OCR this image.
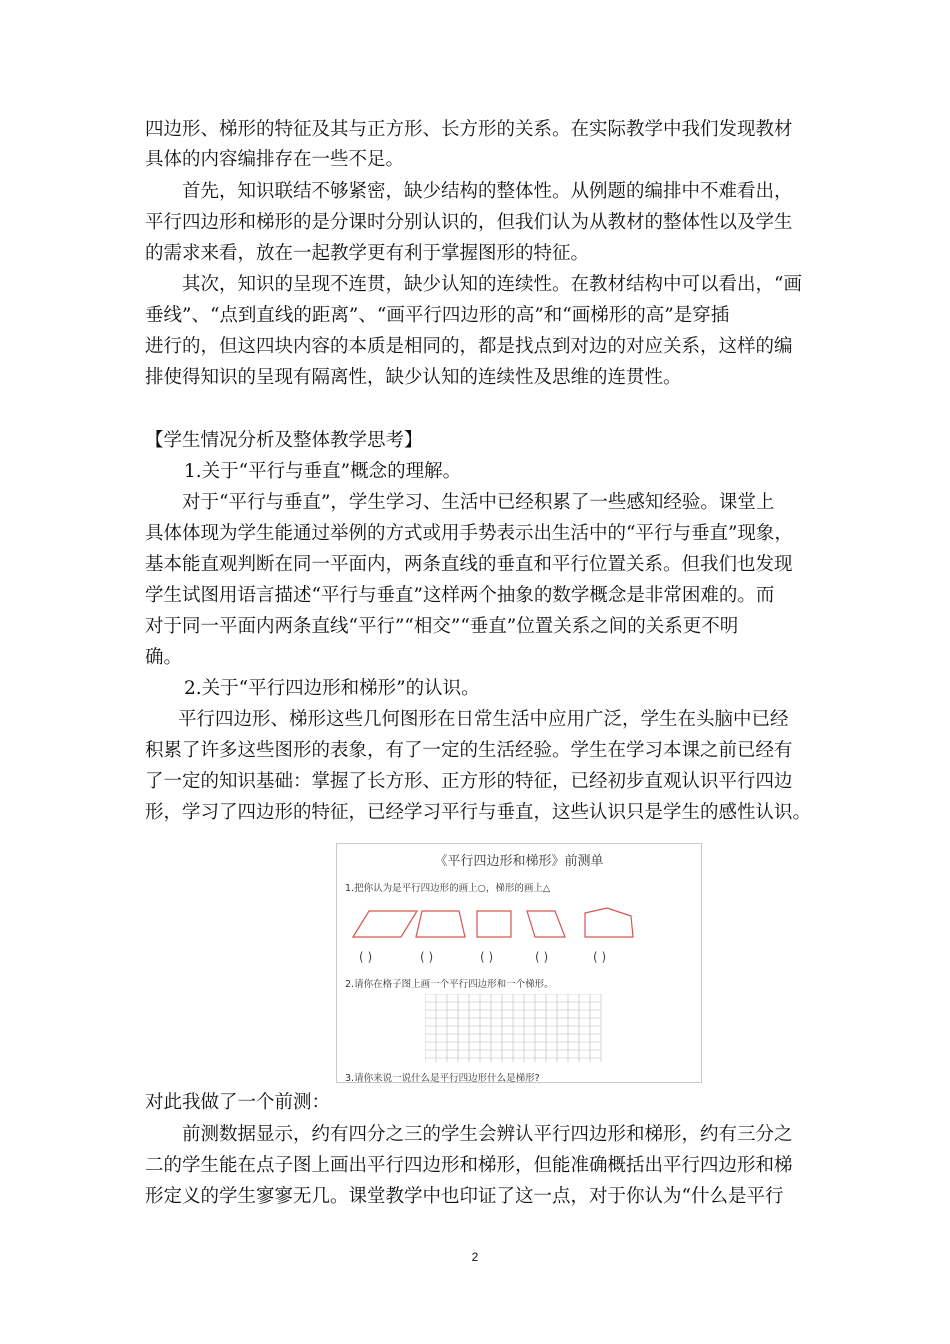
四边形、梯形的特征及其与正方形、长方形的关系。在实际教学中我们发现教材

具体的内容编排存在一些不足。

首先，知识联结不够紧密，缺少结构的整体性。从例题的编排中不难看出，

平行四边形和梯形的是分课时分别认识的，但我们认为从教材的整体性以及学生

的需求来看，放在一起教学更有利于掌握图形的特征。

其次，知识的呈现不连贯，缺少认知的连续性。在教材结构中可以看出，“画

垂线”、“点到直线的距离”、“画平行四边形的高”和“画梯形的高”是穿插

进行的，但这四块内容的本质是相同的，都是找点到对边的对应关系，这样的编

排使得知识的呈现有隔离性，缺少认知的连续性及思维的连贯性。

【学生情况分析及整体教学思考】

1.关于“平行与垂直”概念的理解。

对于“平行与垂直”，学生学习、生活中已经积累了一些感知经验。课堂上

具体体现为学生能通过举例的方式或用手势表示出生活中的“平行与垂直”现象，

基本能直观判断在同一平面内，两条直线的垂直和平行位置关系。但我们也发现

学生试图用语言描述“平行与垂直”这样两个抽象的数学概念是非常困难的。而

对于同一平面内两条直线“平行”“相交”“垂直”位置关系之间的关系更不明

确。

2.关于“平行四边形和梯形”的认识。

平行四边形、梯形这些几何图形在日常生活中应用广泛，学生在头脑中已经

积累了许多这些图形的表象，有了一定的生活经验。学生在学习本课之前已经有

了一定的知识基础：掌握了长方形、正方形的特征，已经初步直观认识平行四边

形，学习了四边形的特征，已经学习平行与垂直，这些认识只是学生的感性认识。

《平行四边形和梯形》前测单
1.把你认为是平行四边形的画上○，梯形的画上△
( )	( )	( )	( )	( )
2.请你在格子图上画一个平行四边形和一个梯形。
3.请你来说一说什么是平行四边形什么是梯形?

对此我做了一个前测：

前测数据显示，约有四分之三的学生会辨认平行四边形和梯形，约有三分之

二的学生能在点子图上画出平行四边形和梯形，但能准确概括出平行四边形和梯

形定义的学生寥寥无几。课堂教学中也印证了这一点，对于你认为“什么是平行

2
